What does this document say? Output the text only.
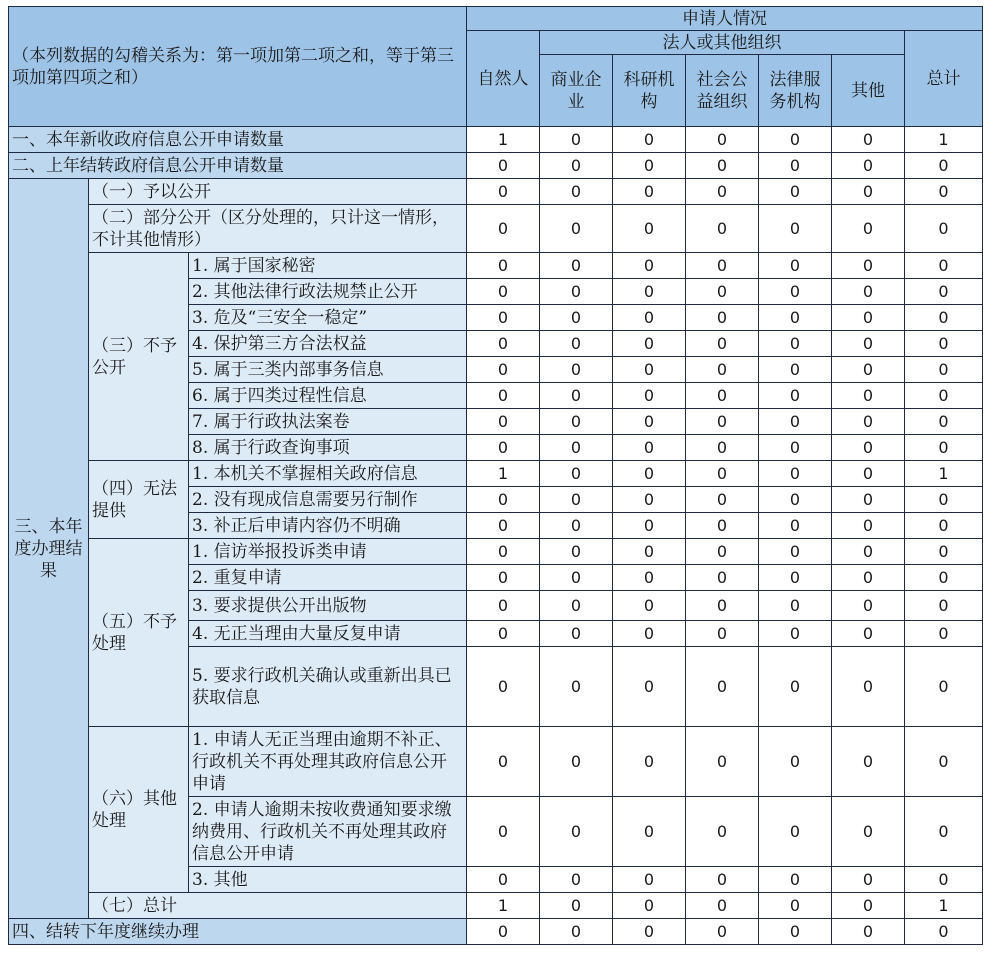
（本列数据的勾稽关系为：第一项加第二项之和，等于第三项加第四项之和）			申请人情况						
			自然人	法人或其他组织					总计
				商业企业	科研机构	社会公益组织	法律服务机构	其他	

一、本年新收政府信息公开申请数量			1	0	0	0	0	0	1
二、上年结转政府信息公开申请数量			0	0	0	0	0	0	0
三、本年度办理结果	（一）予以公开		0	0	0	0	0	0	0
	（二）部分公开（区分处理的，只计这一情形，不计其他情形）		0	0	0	0	0	0	0
	（三）不予公开	1. 属于国家秘密	0	0	0	0	0	0	0
		2. 其他法律行政法规禁止公开	0	0	0	0	0	0	0
		3. 危及“三安全一稳定”	0	0	0	0	0	0	0
		4. 保护第三方合法权益	0	0	0	0	0	0	0
		5. 属于三类内部事务信息	0	0	0	0	0	0	0
		6. 属于四类过程性信息	0	0	0	0	0	0	0
		7. 属于行政执法案卷	0	0	0	0	0	0	0
		8. 属于行政查询事项	0	0	0	0	0	0	0
	（四）无法提供	1. 本机关不掌握相关政府信息	1	0	0	0	0	0	1
		2. 没有现成信息需要另行制作	0	0	0	0	0	0	0
		3. 补正后申请内容仍不明确	0	0	0	0	0	0	0
	（五）不予处理	1. 信访举报投诉类申请	0	0	0	0	0	0	0
		2. 重复申请	0	0	0	0	0	0	0
		3. 要求提供公开出版物	0	0	0	0	0	0	0
		4. 无正当理由大量反复申请	0	0	0	0	0	0	0
		5. 要求行政机关确认或重新出具已获取信息	0	0	0	0	0	0	0
	（六）其他处理	1. 申请人无正当理由逾期不补正、行政机关不再处理其政府信息公开申请	0	0	0	0	0	0	0
		2. 申请人逾期未按收费通知要求缴纳费用、行政机关不再处理其政府信息公开申请	0	0	0	0	0	0	0
		3. 其他	0	0	0	0	0	0	0
	（七）总计		1	0	0	0	0	0	1
四、结转下年度继续办理			0	0	0	0	0	0	0
